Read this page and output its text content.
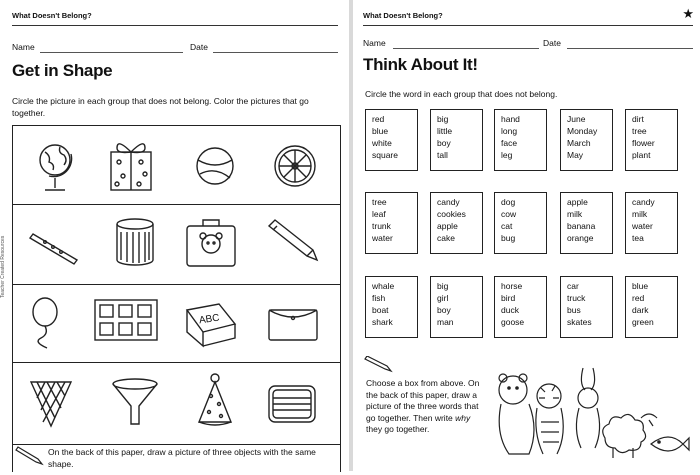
What Doesn't Belong?
Name	Date
Get in Shape
Circle the picture in each group that does not belong. Color the pictures that go together.
ABC
Teacher Created Resources
On the back of this paper, draw a picture of three objects with the same shape.
What Doesn't Belong?	★
Name	Date
Think About It!
Circle the word in each group that does not belong.
Choose a box from above. On the back of this paper, draw a picture of the three words that go together. Then write why they go together.
red
blue
white
square
big
little
boy
tall
hand
long
face
leg
June
Monday
March
May
dirt
tree
flower
plant
tree
leaf
trunk
water
candy
cookies
apple
cake
dog
cow
cat
bug
apple
milk
banana
orange
candy
milk
water
tea
whale
fish
boat
shark
big
girl
boy
man
horse
bird
duck
goose
car
truck
bus
skates
blue
red
dark
green
